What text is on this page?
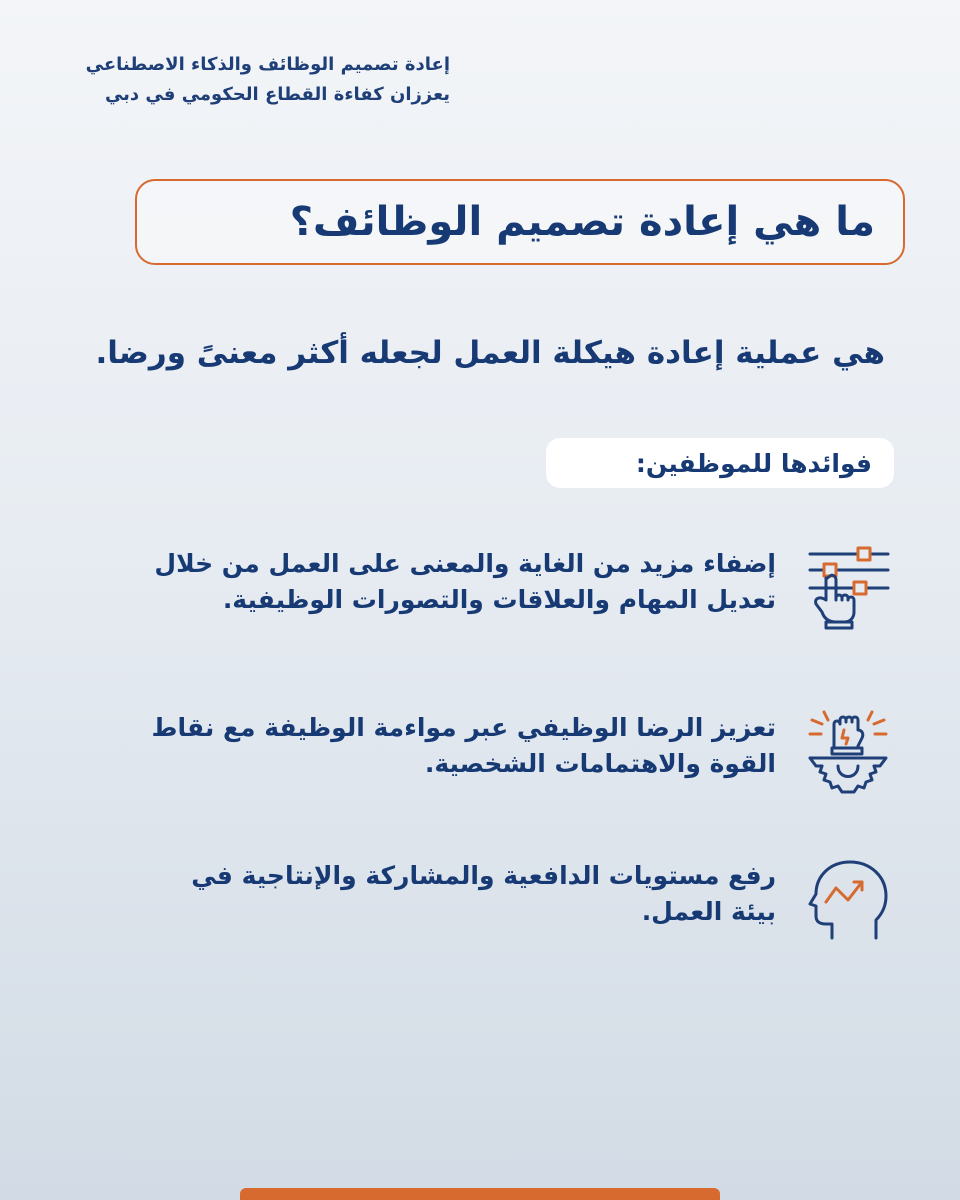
إعادة تصميم الوظائف والذكاء الاصطناعي
يعززان كفاءة القطاع الحكومي في دبي
ما هي إعادة تصميم الوظائف؟
هي عملية إعادة هيكلة العمل لجعله أكثر معنىً ورضا.
فوائدها للموظفين:
إضفاء مزيد من الغاية والمعنى على العمل من خلال
تعديل المهام والعلاقات والتصورات الوظيفية.
تعزيز الرضا الوظيفي عبر مواءمة الوظيفة مع نقاط
القوة والاهتمامات الشخصية.
رفع مستويات الدافعية والمشاركة والإنتاجية في
بيئة العمل.
